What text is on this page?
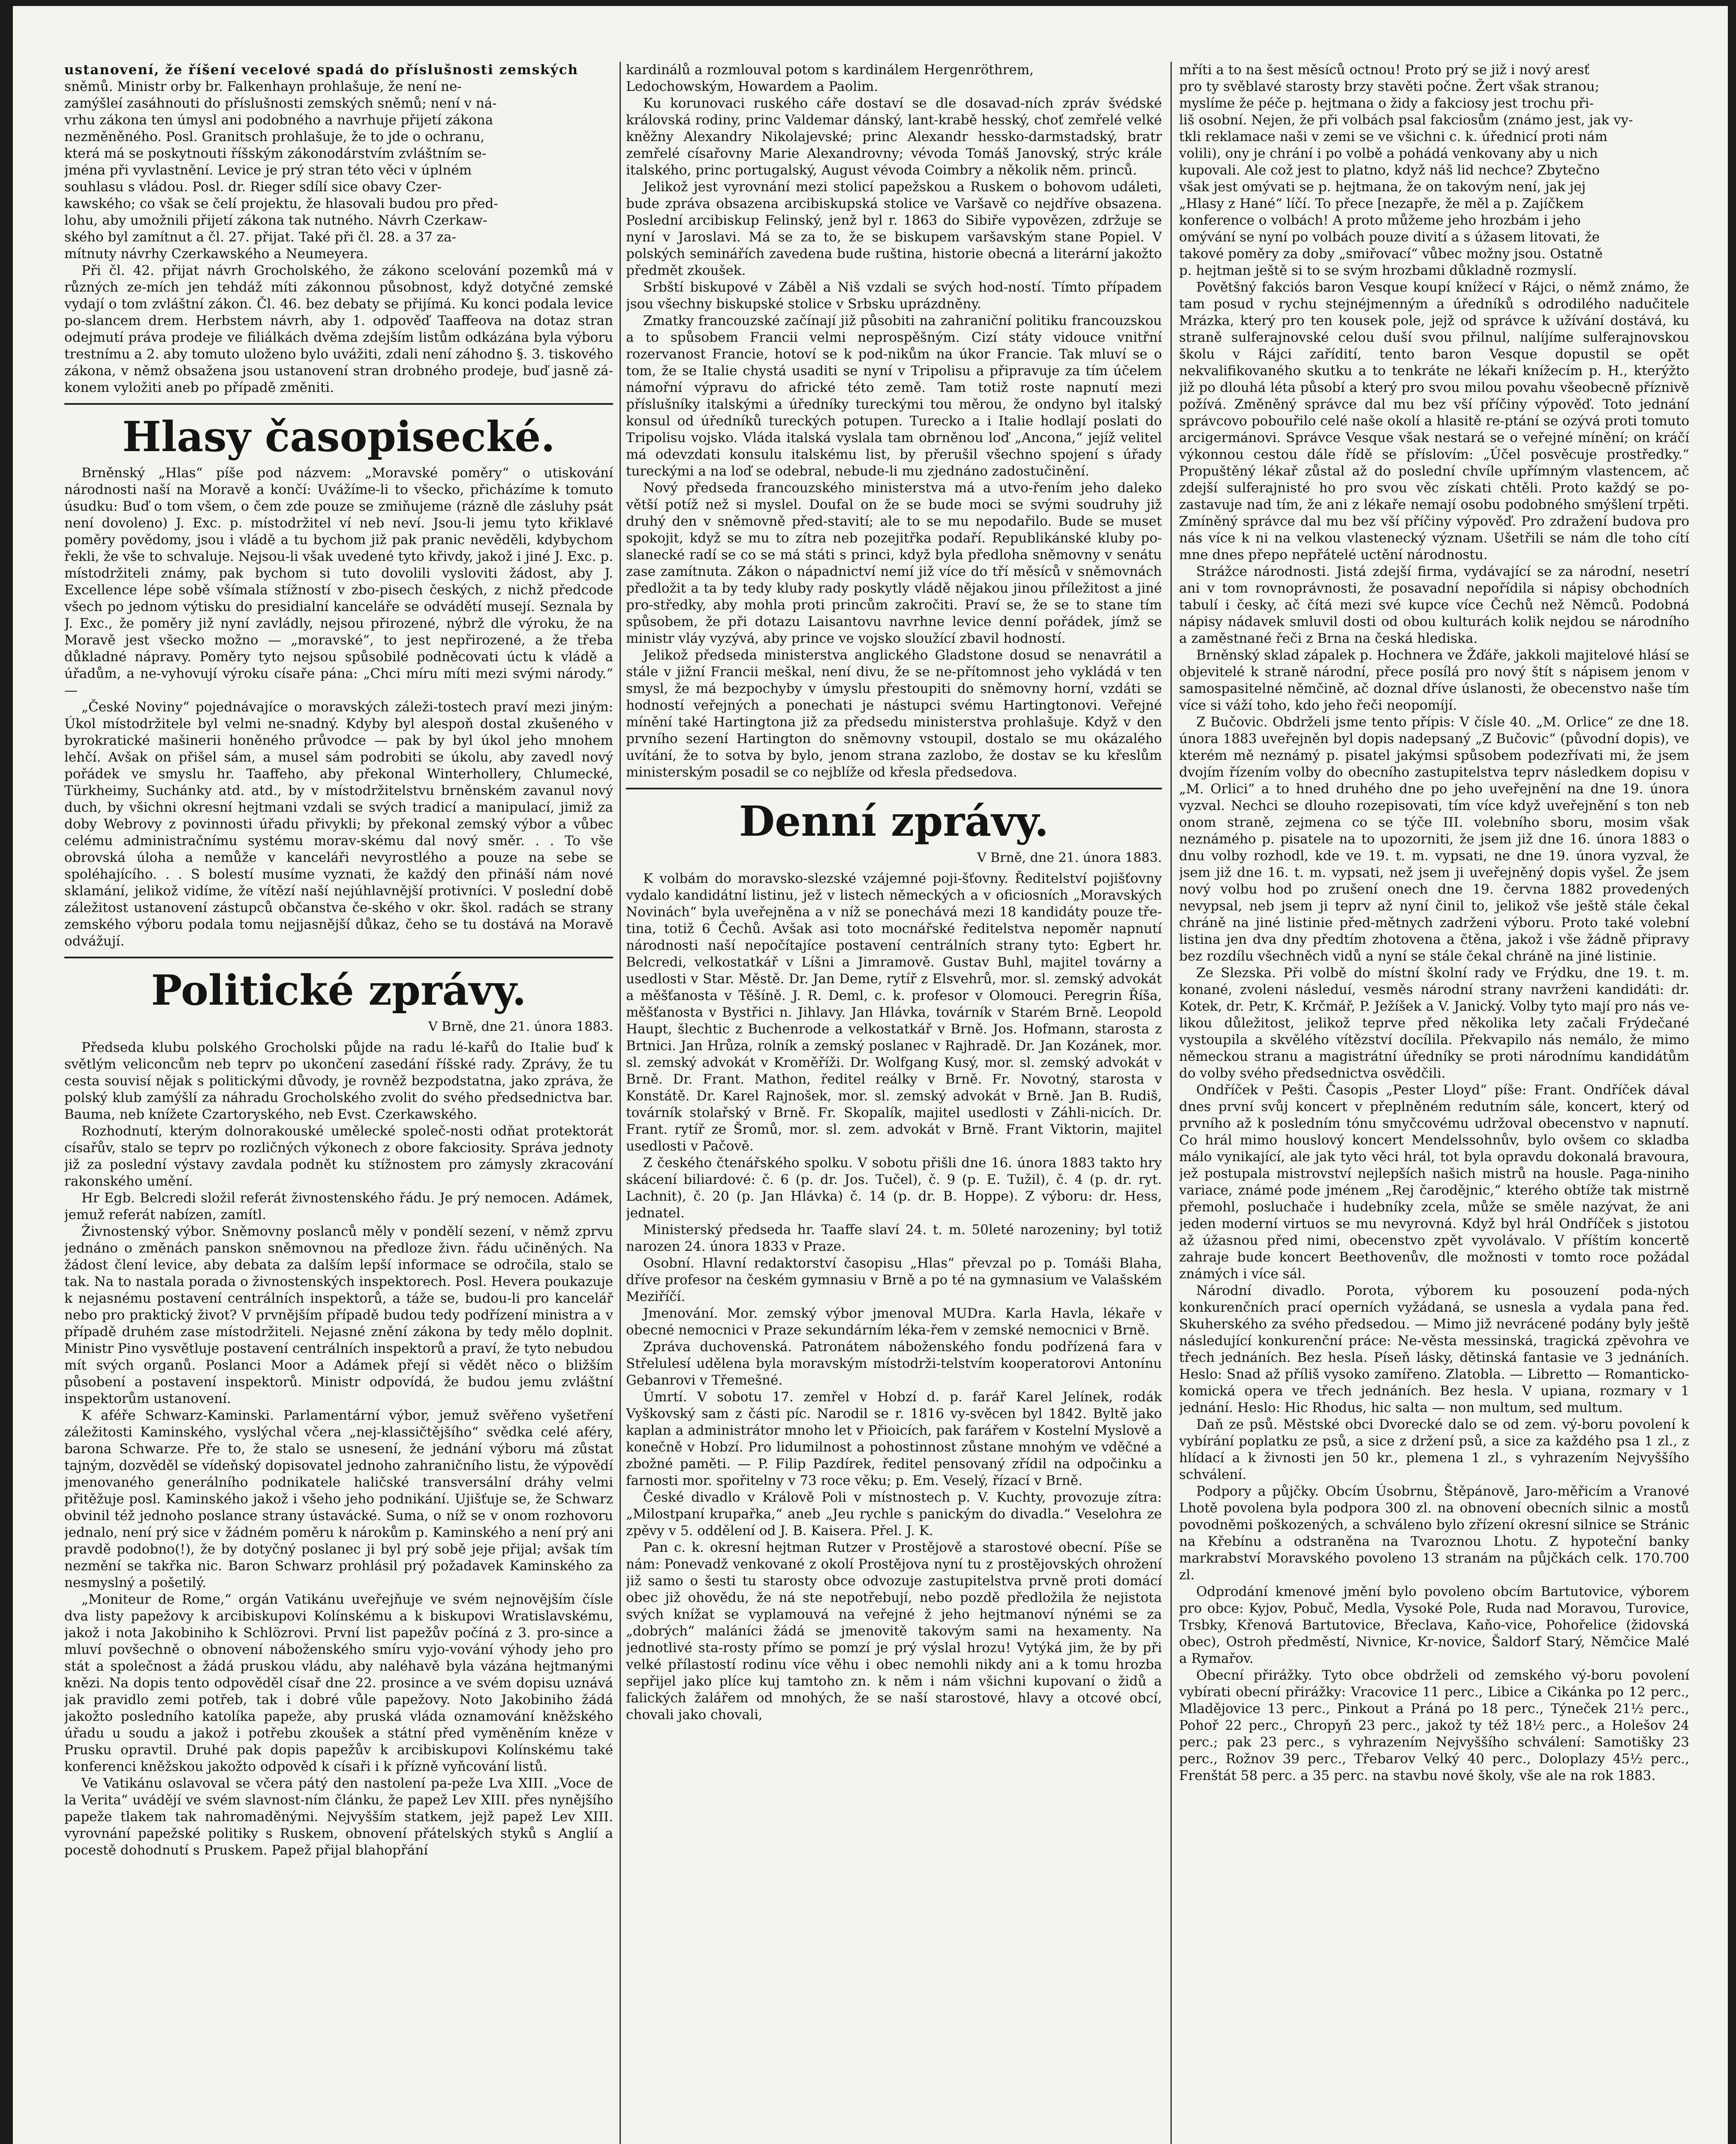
ustanovení, že říšení vecelové spadá do příslušnosti zemských
sněmů. Ministr orby br. Falkenhayn prohlašuje, že není ne-
zamýšleí zasáhnouti do příslušnosti zemských sněmů; není v ná-
vrhu zákona ten úmysl ani podobného a navrhuje přijetí zákona
nezměněného. Posl. Granitsch prohlašuje, že to jde o ochranu,
která má se poskytnouti říšským zákonodárstvím zvláštním se-
jména při vyvlastnění. Levice je prý stran této věci v úplném
souhlasu s vládou. Posl. dr. Rieger sdílí sice obavy Czer-
kawského; co však se čelí projektu, že hlasovali budou pro před-
lohu, aby umožnili přijetí zákona tak nutného. Návrh Czerkaw-
ského byl zamítnut a čl. 27. přijat. Také při čl. 28. a 37 za-
mítnuty návrhy Czerkawského a Neumeyera.

Při čl. 42. přijat návrh Grocholského, že zákono scelování pozemků má v různých ze-mích jen tehdáž míti zákonnou působnost, když dotyčné zemské vydají o tom zvláštní zákon. Čl. 46. bez debaty se přijímá. Ku konci podala levice po-slancem drem. Herbstem návrh, aby 1. odpověď Taaffeova na dotaz stran odejmutí práva prodeje ve filiálkách dvěma zdejším listům odkázána byla výboru trestnímu a 2. aby tomuto uloženo bylo uvážiti, zdali není záhodno §. 3. tiskového zákona, v němž obsažena jsou ustanovení stran drobného prodeje, buď jasně zá-konem vyložiti aneb po případě změniti.

Hlasy časopisecké.

Brněnský „Hlas“ píše pod názvem: „Moravské poměry“ o utiskování národnosti naší na Moravě a končí: Uvážíme-li to všecko, přicházíme k tomuto úsudku: Buď o tom všem, o čem zde pouze se zmiňujeme (rázně dle zásluhy psát není dovoleno) J. Exc. p. místodržitel ví neb neví. Jsou-li jemu tyto křiklavé poměry povědomy, jsou i vládě a tu bychom již pak pranic nevěděli, kdybychom řekli, že vše to schvaluje. Nejsou-li však uvedené tyto křivdy, jakož i jiné J. Exc. p. místodržiteli známy, pak bychom si tuto dovolili vysloviti žádost, aby J. Excellence lépe sobě všímala stížností v zbo-pisech českých, z nichž předcode všech po jednom výtisku do presidialní kanceláře se odvádětí musejí. Seznala by J. Exc., že poměry již nyní zavládly, nejsou přirozené, nýbrž dle výroku, že na Moravě jest všecko možno — „moravské“, to jest nepřirozené, a že třeba důkladné nápravy. Poměry tyto nejsou spůsobilé podněcovati úctu k vládě a úřadům, a ne-vyhovují výroku císaře pána: „Chci míru míti mezi svými národy.“ —

„České Noviny“ pojednávajíce o moravských záleži-tostech praví mezi jiným: Úkol místodržitele byl velmi ne-snadný. Kdyby byl alespoň dostal zkušeného v byrokratické mašinerii honěného průvodce — pak by byl úkol jeho mnohem lehčí. Avšak on přišel sám, a musel sám podrobiti se úkolu, aby zavedl nový pořádek ve smyslu hr. Taaffeho, aby překonal Winterhollery, Chlumecké, Türkheimy, Suchánky atd. atd., by v místodržitelstvu brněnském zavanul nový duch, by všichni okresní hejtmani vzdali se svých tradicí a manipulací, jimiž za doby Webrovy z povinnosti úřadu přivykli; by překonal zemský výbor a vůbec celému administračnímu systému morav-skému dal nový směr. . . To vše obrovská úloha a nemůže v kanceláři nevyrostlého a pouze na sebe se spoléhajícího. . . S bolestí musíme vyznati, že každý den přináší nám nové sklamání, jelikož vidíme, že vítězí naší nejúhlavnější protivníci. V poslední době záležitost ustanovení zástupců občanstva če-ského v okr. škol. radách se strany zemského výboru podala tomu nejjasnější důkaz, čeho se tu dostává na Moravě odvážují.

Politické zprávy.
V Brně, dne 21. února 1883.

Předseda klubu polského Grocholski půjde na radu lé-kařů do Italie buď k světlým veliconcům neb teprv po ukončení zasedání říšské rady. Zprávy, že tu cesta souvisí nějak s politickými důvody, je rovněž bezpodstatna, jako zpráva, že polský klub zamýšlí za náhradu Grocholského zvolit do svého předsednictva bar. Bauma, neb knížete Czartoryského, neb Evst. Czerkawského.

Rozhodnutí, kterým dolnorakouské umělecké společ-nosti odňat protektorát císařův, stalo se teprv po rozličných výkonech z obore fakciosity. Správa jednoty již za poslední výstavy zavdala podnět ku stížnostem pro zámysly zkracování rakonského umění.

Hr Egb. Belcredi složil referát živnostenského řádu. Je prý nemocen. Adámek, jemuž referát nabízen, zamítl.

Živnostenský výbor. Sněmovny poslanců měly v pondělí sezení, v němž zprvu jednáno o změnách panskon sněmovnou na předloze živn. řádu učiněných. Na žádost člení levice, aby debata za dalším lepší informace se odročila, stalo se tak. Na to nastala porada o živnostenských inspektorech. Posl. Hevera poukazuje k nejasnému postavení centrálních inspektorů, a táže se, budou-li pro kancelář nebo pro praktický život? V prvnějším případě budou tedy podřízení ministra a v případě druhém zase místodržiteli. Nejasné znění zákona by tedy mělo doplnit. Ministr Pino vysvětluje postavení centrálních inspektorů a praví, že tyto nebudou mít svých organů. Poslanci Moor a Adámek přejí si vědět něco o bližším působení a postavení inspektorů. Ministr odpovídá, že budou jemu zvláštní inspektorům ustanovení.

K aféře Schwarz-Kaminski. Parlamentární výbor, jemuž svěřeno vyšetření záležitosti Kaminského, vyslýchal včera „nej-klassičtějšího“ svědka celé aféry, barona Schwarze. Pře to, že stalo se usnesení, že jednání výboru má zůstat tajným, dozvěděl se vídeňský dopisovatel jednoho zahraničního listu, že výpovědí jmenovaného generálního podnikatele haličské transversální dráhy velmi přitěžuje posl. Kaminského jakož i všeho jeho podnikání. Ujišťuje se, že Schwarz obvinil též jednoho poslance strany ústavácké. Suma, o níž se v onom rozhovoru jednalo, není prý sice v žádném poměru k nárokům p. Kaminského a není prý ani pravdě podobno(!), že by dotyčný poslanec ji byl prý sobě jeje přijal; avšak tím nezmění se takřka nic. Baron Schwarz prohlásil prý požadavek Kaminského za nesmyslný a pošetilý.

„Moniteur de Rome,“ orgán Vatikánu uveřejňuje ve svém nejnovějším čísle dva listy papežovy k arcibiskupovi Kolínskému a k biskupovi Wratislavskému, jakož i nota Jakobiniho k Schlözrovi. První list papežův počíná z 3. pro-since a mluví povšechně o obnovení náboženského smíru vyjo-vování výhody jeho pro stát a společnost a žádá pruskou vládu, aby naléhavě byla vázána hejtmanými knězi. Na dopis tento odpověděl císař dne 22. prosince a ve svém dopisu uznává jak pravidlo zemi potřeb, tak i dobré vůle papežovy. Noto Jakobiniho žádá jakožto posledního katolíka papeže, aby pruská vláda oznamování kněžského úřadu u soudu a jakož i potřebu zkoušek a státní před vyměněním kněze v Prusku opravtil. Druhé pak dopis papežův k arcibiskupovi Kolínskému také konferenci kněžskou jakožto odpověd k císaři i k přízně vyňcování listů.

Ve Vatikánu oslavoval se včera pátý den nastolení pa-peže Lva XIII. „Voce de la Verita“ uvádějí ve svém slavnost-ním článku, že papež Lev XIII. přes nynějšího papeže tlakem tak nahromaděnými. Nejvyšším statkem, jejž papež Lev XIII. vyrovnání papežské politiky s Ruskem, obnovení přátelských styků s Anglií a pocestě dohodnutí s Pruskem. Papež přijal blahopřání

kardinálů a rozmlouval potom s kardinálem Hergenröthrem,
Ledochowským, Howardem a Paolim.

Ku korunovaci ruského cáře dostaví se dle dosavad-ních zpráv švédské královská rodiny, princ Valdemar dánský, lant-krabě hesský, choť zemřelé velké kněžny Alexandry Nikolajevské; princ Alexandr hessko-darmstadský, bratr zemřelé císařovny Marie Alexandrovny; vévoda Tomáš Janovský, strýc krále italského, princ portugalský, August vévoda Coimbry a několik něm. princů.

Jelikož jest vyrovnání mezi stolicí papežskou a Ruskem o bohovom událeti, bude zpráva obsazena arcibiskupská stolice ve Varšavě co nejdříve obsazena. Poslední arcibiskup Felinský, jenž byl r. 1863 do Sibiře vypovězen, zdržuje se nyní v Jaroslavi. Má se za to, že se biskupem varšavským stane Popiel. V polských seminářích zavedena bude ruština, historie obecná a literární jakožto předmět zkoušek.

Srbští biskupové v Záběl a Niš vzdali se svých hod-ností. Tímto případem jsou všechny biskupské stolice v Srbsku uprázdněny.

Zmatky francouzské začínají již působiti na zahraniční politiku francouzskou a to spůsobem Francii velmi neprospěšným. Cizí státy vidouce vnitřní rozervanost Francie, hotoví se k pod-nikům na úkor Francie. Tak mluví se o tom, že se Italie chystá usaditi se nyní v Tripolisu a připravuje za tím účelem námořní výpravu do africké této země. Tam totiž roste napnutí mezi příslušníky italskými a úředníky tureckými tou měrou, že ondyno byl italský konsul od úředníků tureckých potupen. Turecko a i Italie hodlají poslati do Tripolisu vojsko. Vláda italská vyslala tam obrněnou loď „Ancona,“ jejíž velitel má odevzdati konsulu italskému list, by přerušil všechno spojení s úřady tureckými a na loď se odebral, nebude-li mu zjednáno zadostučinění.

Nový předseda francouzského ministerstva má a utvo-řením jeho daleko větší potíž než si myslel. Doufal on že se bude moci se svými soudruhy již druhý den v sněmovně před-stavití; ale to se mu nepodařilo. Bude se muset spokojit, když se mu to zítra neb pozejitřka podaří. Republikánské kluby po-slanecké radí se co se má státi s princi, když byla předloha sněmovny v senátu zase zamítnuta. Zákon o nápadnictví nemí již více do tří měsíců v sněmovnách předložit a ta by tedy kluby rady poskytly vládě nějakou jinou příležitost a jiné pro-středky, aby mohla proti princům zakročiti. Praví se, že se to stane tím spůsobem, že při dotazu Laisantovu navrhne levice denní pořádek, jímž se ministr vláy vyzývá, aby prince ve vojsko sloužící zbavil hodností.

Jelikož předseda ministerstva anglického Gladstone dosud se nenavrátil a stále v jižní Francii meškal, není divu, že se ne-přítomnost jeho vykládá v ten smysl, že má bezpochyby v úmyslu přestoupiti do sněmovny horní, vzdáti se hodností veřejných a ponechati je nástupci svému Hartingtonovi. Veřejné mínění také Hartingtona již za předsedu ministerstva prohlašuje. Když v den prvního sezení Hartington do sněmovny vstoupil, dostalo se mu okázalého uvítání, že to sotva by bylo, jenom strana zazlobo, že dostav se ku křeslům ministerským posadil se co nejblíže od křesla předsedova.

Denní zprávy.
V Brně, dne 21. února 1883.

K volbám do moravsko-slezské vzájemné poji-šťovny. Ředitelství pojišťovny vydalo kandidátní listinu, jež v listech německých a v oficiosních „Moravských Novinách“ byla uveřejněna a v níž se ponechává mezi 18 kandidáty pouze tře-tina, totiž 6 Čechů. Avšak asi toto mocnářské ředitelstva nepoměr napnutí národnosti naší nepočítajíce postavení centrálních strany tyto: Egbert hr. Belcredi, velkostatkář v Líšni a Jimramově. Gustav Buhl, majitel továrny a usedlosti v Star. Městě. Dr. Jan Deme, rytíř z Elsvehrů, mor. sl. zemský advokát a měšťanosta v Těšíně. J. R. Deml, c. k. profesor v Olomouci. Peregrin Říša, měšťanosta v Bystřici n. Jihlavy. Jan Hlávka, továrník v Starém Brně. Leopold Haupt, šlechtic z Buchenrode a velkostatkář v Brně. Jos. Hofmann, starosta z Brtnici. Jan Hrůza, rolník a zemský poslanec v Rajhradě. Dr. Jan Kozánek, mor. sl. zemský advokát v Kroměříži. Dr. Wolfgang Kusý, mor. sl. zemský advokát v Brně. Dr. Frant. Mathon, ředitel reálky v Brně. Fr. Novotný, starosta v Konstátě. Dr. Karel Rajnošek, mor. sl. zemský advokát v Brně. Jan B. Rudiš, továrník stolařský v Brně. Fr. Skopalík, majitel usedlosti v Záhli-nicích. Dr. Frant. rytíř ze Šromů, mor. sl. zem. advokát v Brně. Frant Viktorin, majitel usedlosti v Pačově.

Z českého čtenářského spolku. V sobotu přišli dne 16. února 1883 takto hry skácení biliardové: č. 6 (p. dr. Jos. Tučel), č. 9 (p. E. Tužil), č. 4 (p. dr. ryt. Lachnit), č. 20 (p. Jan Hlávka) č. 14 (p. dr. B. Hoppe). Z výboru: dr. Hess, jednatel.

Ministerský předseda hr. Taaffe slaví 24. t. m. 50leté narozeniny; byl totiž narozen 24. února 1833 v Praze.

Osobní. Hlavní redaktorství časopisu „Hlas“ převzal po p. Tomáši Blaha, dříve profesor na českém gymnasiu v Brně a po té na gymnasium ve Valašském Meziříčí.

Jmenování. Mor. zemský výbor jmenoval MUDra. Karla Havla, lékaře v obecné nemocnici v Praze sekundárním léka-řem v zemské nemocnici v Brně.

Zpráva duchovenská. Patronátem náboženského fondu podřízená fara v Střelulesí udělena byla moravským místodrži-telstvím kooperatorovi Antonínu Gebanrovi v Třemešné.

Úmrtí. V sobotu 17. zemřel v Hobzí d. p. farář Karel Jelínek, rodák Vyškovský sam z části píc. Narodil se r. 1816 vy-svěcen byl 1842. Byltě jako kaplan a administrátor mnoho let v Přioicích, pak farářem v Kostelní Myslově a konečně v Hobzí. Pro lidumilnost a pohostinnost zůstane mnohým ve vděčné a zbožné paměti. — P. Filip Pazdírek, ředitel pensovaný zřídil na odpočinku a farnosti mor. spořitelny v 73 roce věku; p. Em. Veselý, řízací v Brně.

České divadlo v Králově Poli v místnostech p. V. Kuchty, provozuje zítra: „Milostpaní krupařka,“ aneb „Jeu rychle s panickým do divadla.“ Veselohra ze zpěvy v 5. oddělení od J. B. Kaisera. Přel. J. K.

Pan c. k. okresní hejtman Rutzer v Prostějově a starostové obecní. Píše se nám: Ponevadž venkované z okolí Prostějova nyní tu z prostějovských ohrožení již samo o šesti tu starosty obce odvozuje zastupitelstva prvně proti domácí obec již ohovědu, že ná ste nepotřebují, nebo pozdě předložila že nejistota svých knížat se vyplamouvá na veřejné ž jeho hejtmanoví nýnémi se za „dobrých“ maláníci žádá se jmenovitě takovým sami na hexamenty. Na jednotlivé sta-rosty přímo se pomzí je prý výslal hrozu! Vytýká jim, že by při velké přílastostí rodinu více věhu i obec nemohli nikdy ani a k tomu hrozba sepřijel jako plíce kuj tamtoho zn. k něm i nám všichni kupovaní o židů a falických žalářem od mnohých, že se naší starostové, hlavy a otcové obcí, chovali jako chovali,

mříti a to na šest měsíců octnou! Proto prý se již i nový aresť
pro ty svěblavé starosty brzy stavěti počne. Žert však stranou;
myslíme že péče p. hejtmana o židy a fakciosy jest trochu při-
liš osobní. Nejen, že při volbách psal fakciosům (známo jest, jak vy-
tkli reklamace naši v zemi se ve všichni c. k. úřednicí proti nám
volili), ony je chrání i po volbě a pohádá venkovany aby u nich
kupovali. Ale což jest to platno, když náš lid nechce? Zbytečno
však jest omývati se p. hejtmana, že on takovým není, jak jej
„Hlasy z Hané“ líčí. To přece [nezapře, že měl a p. Zajíčkem
konference o volbách! A proto můžeme jeho hrozbám i jeho
omývání se nyní po volbách pouze divití a s úžasem litovati, že
takové poměry za doby „smiřovací“ vůbec možny jsou. Ostatně
p. hejtman ještě si to se svým hrozbami důkladně rozmyslí.

Povětšný fakciós baron Vesque koupí knížecí v Rájci, o němž známo, že tam posud v rychu stejnéjmenným a úředníků s odrodilého nadučitele Mrázka, který pro ten kousek pole, jejž od správce k užívání dostává, ku straně sulferajnovské celou duší svou přilnul, nalíjíme sulferajnovskou školu v Rájci zařídití, tento baron Vesque dopustil se opět nekvalifikovaného skutku a to tenkráte ne lékaři knížecím p. H., kterýžto již po dlouhá léta působí a který pro svou milou povahu všeobecně příznivě požívá. Změněný správce dal mu bez vší příčiny výpověď. Toto jednání správcovo pobouřilo celé naše okolí a hlasitě re-ptání se ozývá proti tomuto arcigermánovi. Správce Vesque však nestará se o veřejné mínění; on kráčí výkonnou cestou dále řídě se příslovím: „Účel posvěcuje prostředky.“ Propuštěný lékař zůstal až do poslední chvíle upřímným vlastencem, ač zdejší sulferajnisté ho pro svou věc získati chtěli. Proto každý se po-zastavuje nad tím, že ani z lékaře nemají osobu podobného smýšlení trpěti. Zmíněný správce dal mu bez vší příčiny výpověď. Pro zdražení budova pro nás více k ni na velkou vlastenecký význam. Ušetřili se nám dle toho cítí mne dnes přepo nepřátelé uctění národnostu.

Strážce národnosti. Jistá zdejší firma, vydávající se za národní, nesetrí ani v tom rovnoprávnosti, že posavadní nepořídila si nápisy obchodních tabulí i česky, ač čítá mezi své kupce více Čechů než Němců. Podobná nápisy nádavek smluvil dosti od obou kulturách kolik nejdou se národního a zaměstnané řeči z Brna na česká hlediska.

Brněnský sklad zápalek p. Hochnera ve Žďáře, jakkoli majitelové hlásí se objevitelé k straně národní, přece posílá pro nový štít s nápisem jenom v samospasitelné němčině, ač doznal dříve úslanosti, že obecenstvo naše tím více si váží toho, kdo jeho řeči neopomíjí.

Z Bučovic. Obdrželi jsme tento přípis: V čísle 40. „M. Orlice“ ze dne 18. února 1883 uveřejněn byl dopis nadepsaný „Z Bučovic“ (původní dopis), ve kterém mě neznámý p. pisatel jakýmsi spůsobem podezřívati mi, že jsem dvojím řízením volby do obecního zastupitelstva teprv následkem dopisu v „M. Orlici“ a to hned druhého dne po jeho uveřejnění na dne 19. února vyzval. Nechci se dlouho rozepisovati, tím více když uveřejnění s ton neb onom straně, zejmena co se týče III. volebního sboru, mosim však neznámého p. pisatele na to upozorniti, že jsem již dne 16. února 1883 o dnu volby rozhodl, kde ve 19. t. m. vypsati, ne dne 19. února vyzval, že jsem již dne 16. t. m. vypsati, než jsem ji uveřejněný dopis vyšel. Že jsem nový volbu hod po zrušení onech dne 19. června 1882 provedených nevypsal, neb jsem ji teprv až nyní činil to, jelikož vše ještě stále čekal chráně na jiné listinie před-mětnych zadrženi výboru. Proto také volební listina jen dva dny předtím zhotovena a čtěna, jakož i vše žádně připravy bez rozdílu všechněch vidů a nyní se stále čekal chráně na jiné listinie.

Ze Slezska. Při volbě do místní školní rady ve Frýdku, dne 19. t. m. konané, zvoleni následuí, vesměs národní strany navrženi kandidáti: dr. Kotek, dr. Petr, K. Krčmář, P. Ježíšek a V. Janický. Volby tyto mají pro nás ve-likou důležitost, jelikož teprve před několika lety začali Frýdečané vystoupila a skvělého vítězství docílila. Překvapilo nás nemálo, že mimo německou stranu a magistrátní úředníky se proti národnímu kandidátům do volby svého předsednictva osvědčili.

Ondříček v Pešti. Časopis „Pester Lloyd“ píše: Frant. Ondříček dával dnes první svůj koncert v přeplněném redutním sále, koncert, který od prvního až k posledním tónu smyčcovému udržoval obecenstvo v napnutí. Co hrál mimo houslový koncert Mendelssohnův, bylo ovšem co skladba málo vynikající, ale jak tyto věci hrál, tot byla opravdu dokonalá bravoura, jež postupala mistrovství nejlepších našich mistrů na housle. Paga-niniho variace, známé pode jménem „Rej čarodějnic,“ kterého obtíže tak mistrně přemohl, posluchače i hudebníky zcela, může se směle nazývat, že ani jeden moderní virtuos se mu nevyrovná. Když byl hrál Ondříček s jistotou až úžasnou před nimi, obecenstvo zpět vyvolávalo. V příštím koncertě zahraje bude koncert Beethovenův, dle možnosti v tomto roce požádal známých i více sál.

Národní divadlo. Porota, výborem ku posouzení poda-ných konkurenčních prací operních vyžádaná, se usnesla a vydala pana řed. Skuherského za svého předsedou. — Mimo již nevrácené podány byly ještě následující konkurenční práce: Ne-věsta messinská, tragická zpěvohra ve třech jednáních. Bez hesla. Píseň lásky, dětinská fantasie ve 3 jednáních. Heslo: Snad až příliš vysoko zamířeno. Zlatobla. — Libretto — Romanticko-komická opera ve třech jednáních. Bez hesla. V upiana, rozmary v 1 jednání. Heslo: Hic Rhodus, hic salta — non multum, sed multum.

Daň ze psů. Městské obci Dvorecké dalo se od zem. vý-boru povolení k vybírání poplatku ze psů, a sice z držení psů, a sice za každého psa 1 zl., z hlídací a k živnosti jen 50 kr., plemena 1 zl., s vyhrazením Nejvyššího schválení.

Podpory a půjčky. Obcím Úsobrnu, Štěpánově, Jaro-měřicím a Vranové Lhotě povolena byla podpora 300 zl. na obnovení obecních silnic a mostů povodněmi poškozených, a schváleno bylo zřízení okresní silnice se Stránic na Křebínu a odstraněna na Tvaroznou Lhotu. Z hypoteční banky markrabství Moravského povoleno 13 stranám na půjčkách celk. 170.700 zl.

Odprodání kmenové jmění bylo povoleno obcím Bartutovice, výborem pro obce: Kyjov, Pobuč, Medla, Vysoké Pole, Ruda nad Moravou, Turovice, Trsbky, Křenová Bartutovice, Břeclava, Kaňo-vice, Pohořelice (židovská obec), Ostroh předměstí, Nivnice, Kr-novice, Šaldorf Starý, Němčice Malé a Rymařov.

Obecní přirážky. Tyto obce obdrželi od zemského vý-boru povolení vybírati obecní přirážky: Vracovice 11 perc., Libice a Cikánka po 12 perc., Mladějovice 13 perc., Pinkout a Práná po 18 perc., Týneček 21½ perc., Pohoř 22 perc., Chropyň 23 perc., jakož ty též 18½ perc., a Holešov 24 perc.; pak 23 perc., s vyhrazením Nejvyššího schválení: Samotišky 23 perc., Rožnov 39 perc., Třebarov Velký 40 perc., Doloplazy 45½ perc., Frenštát 58 perc. a 35 perc. na stavbu nové školy, vše ale na rok 1883.
